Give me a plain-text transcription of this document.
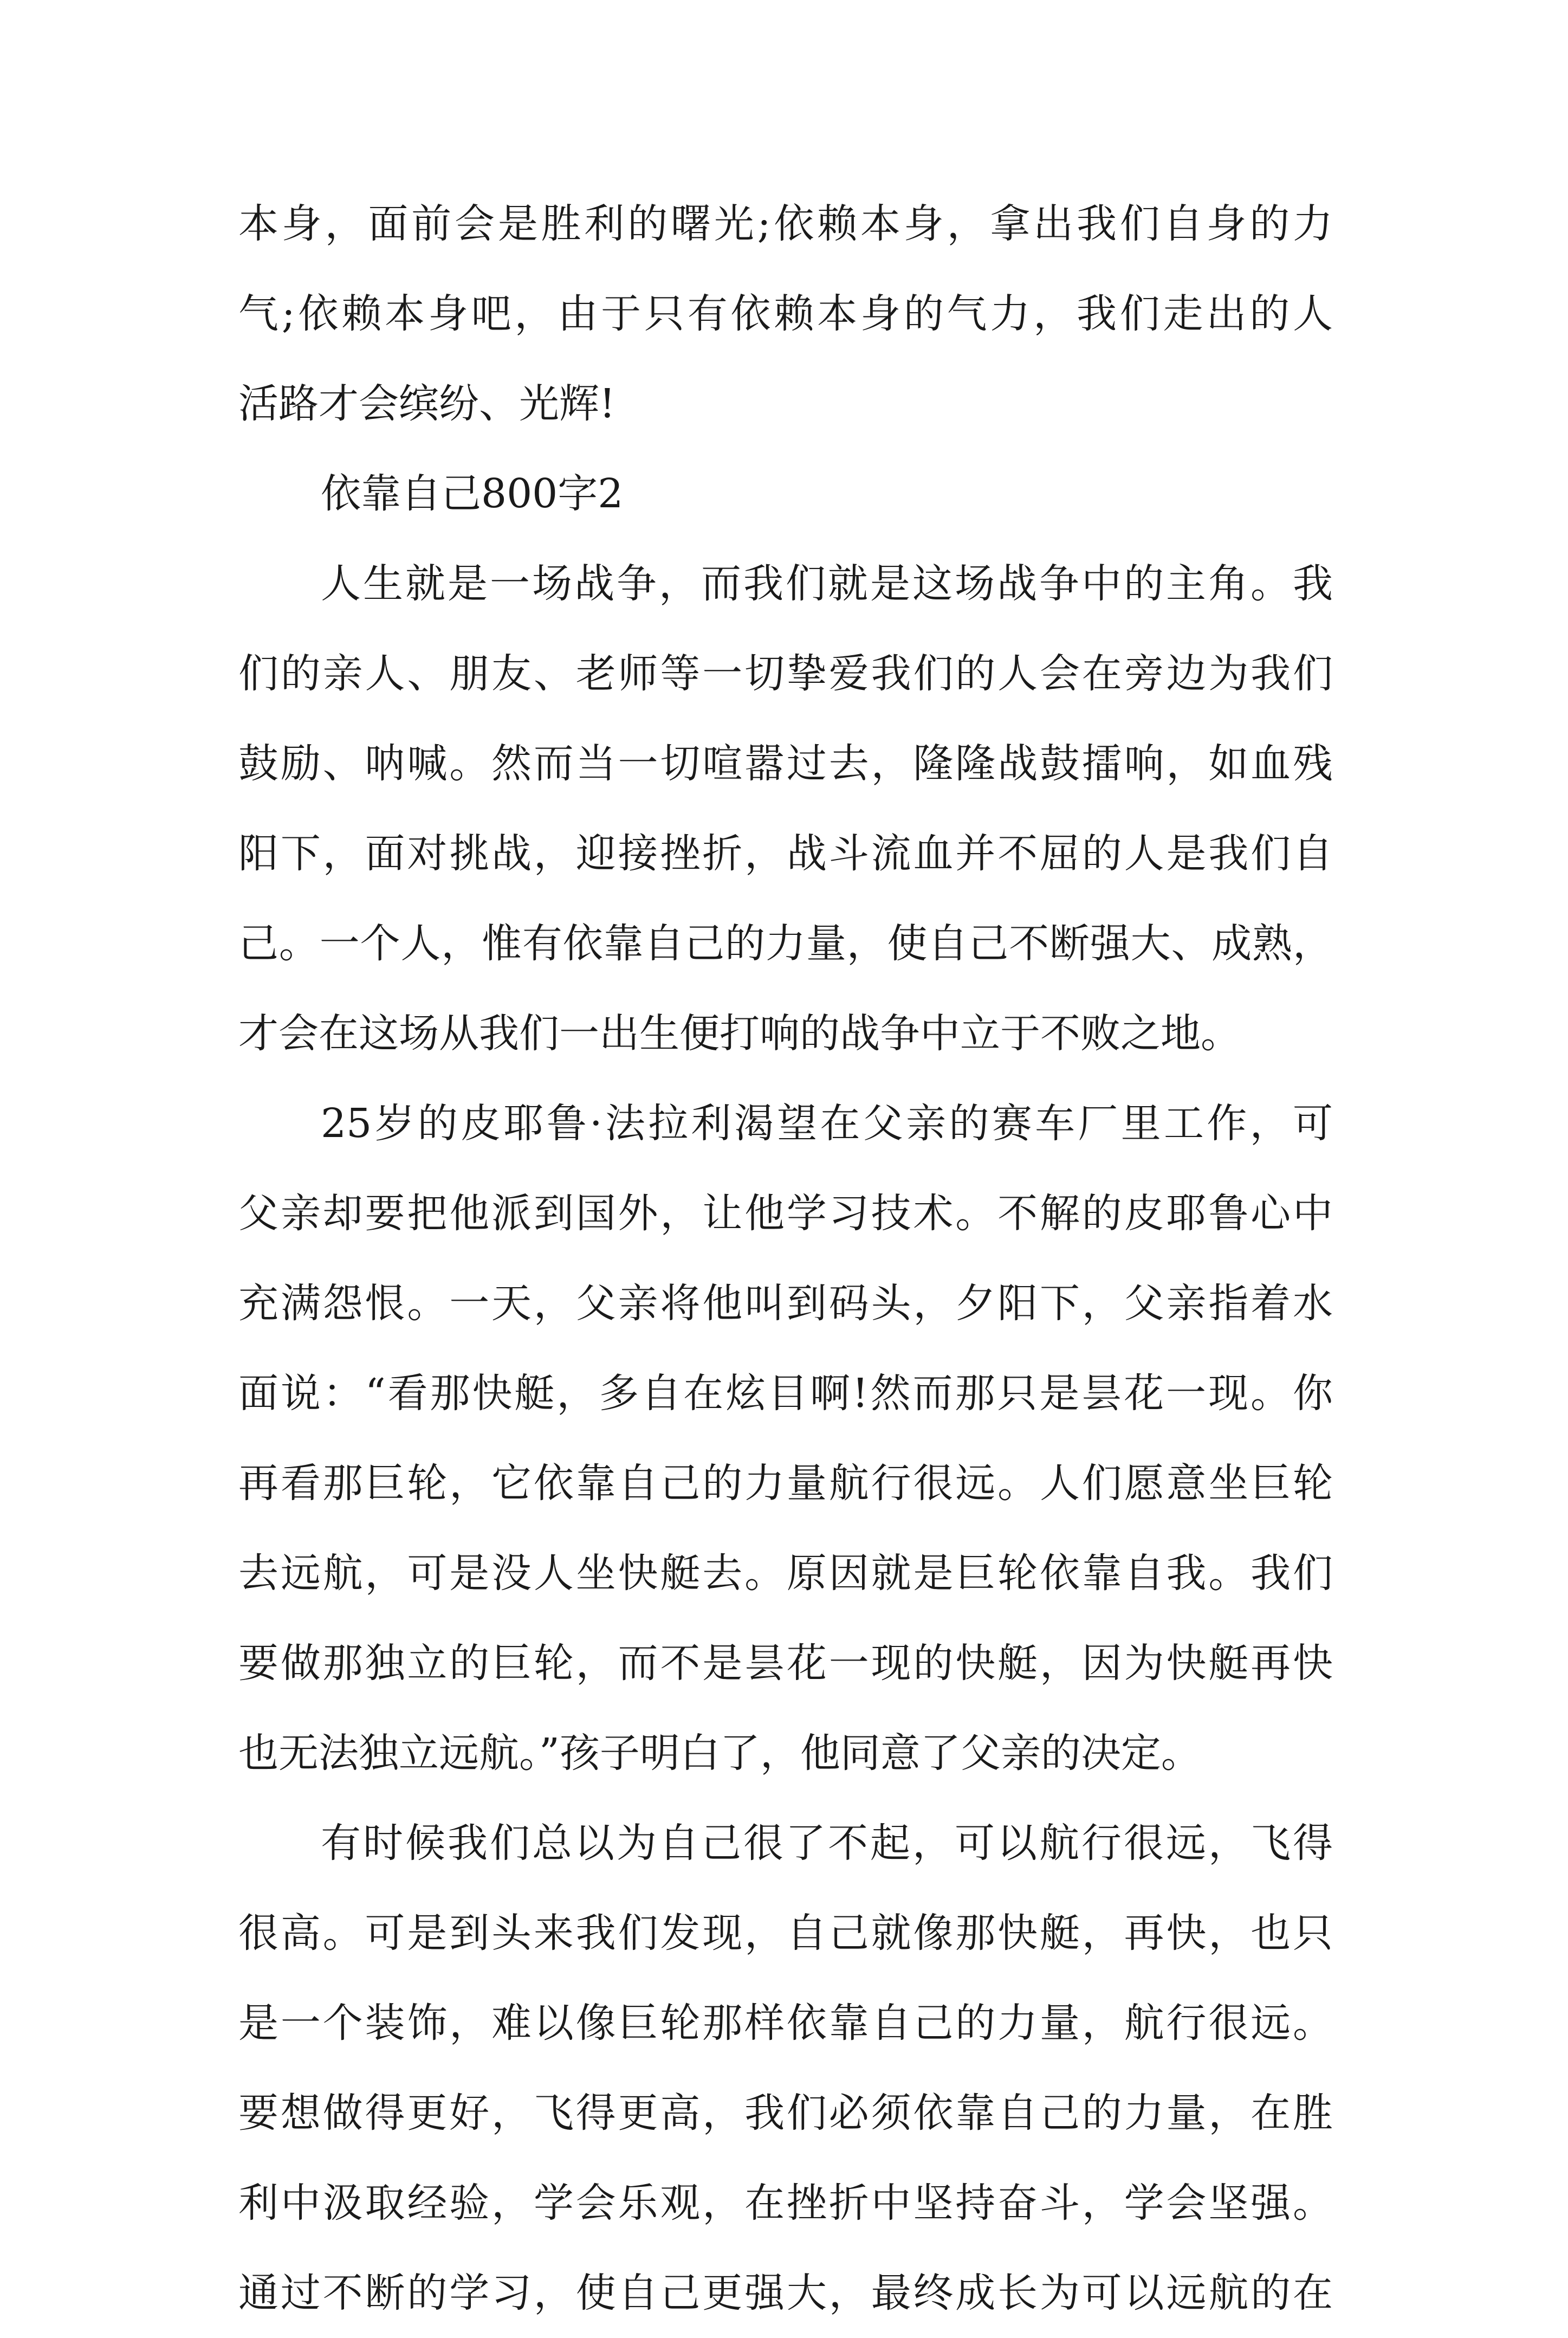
本身，面前会是胜利的曙光;依赖本身，拿出我们自身的力
气;依赖本身吧，由于只有依赖本身的气力，我们走出的人
活路才会缤纷、光辉!
依靠自己800字2
人生就是一场战争，而我们就是这场战争中的主角。我
们的亲人、朋友、老师等一切挚爱我们的人会在旁边为我们
鼓励、呐喊。然而当一切喧嚣过去，隆隆战鼓擂响，如血残
阳下，面对挑战，迎接挫折，战斗流血并不屈的人是我们自
己。一个人，惟有依靠自己的力量，使自己不断强大、成熟，
才会在这场从我们一出生便打响的战争中立于不败之地。
25岁的皮耶鲁·法拉利渴望在父亲的赛车厂里工作，可
父亲却要把他派到国外，让他学习技术。不解的皮耶鲁心中
充满怨恨。一天，父亲将他叫到码头，夕阳下，父亲指着水
面说：“看那快艇，多自在炫目啊!然而那只是昙花一现。你
再看那巨轮，它依靠自己的力量航行很远。人们愿意坐巨轮
去远航，可是没人坐快艇去。原因就是巨轮依靠自我。我们
要做那独立的巨轮，而不是昙花一现的快艇，因为快艇再快
也无法独立远航。”孩子明白了，他同意了父亲的决定。
有时候我们总以为自己很了不起，可以航行很远，飞得
很高。可是到头来我们发现，自己就像那快艇，再快，也只
是一个装饰，难以像巨轮那样依靠自己的力量，航行很远。
要想做得更好，飞得更高，我们必须依靠自己的力量，在胜
利中汲取经验，学会乐观，在挫折中坚持奋斗，学会坚强。
通过不断的学习，使自己更强大，最终成长为可以远航的在
